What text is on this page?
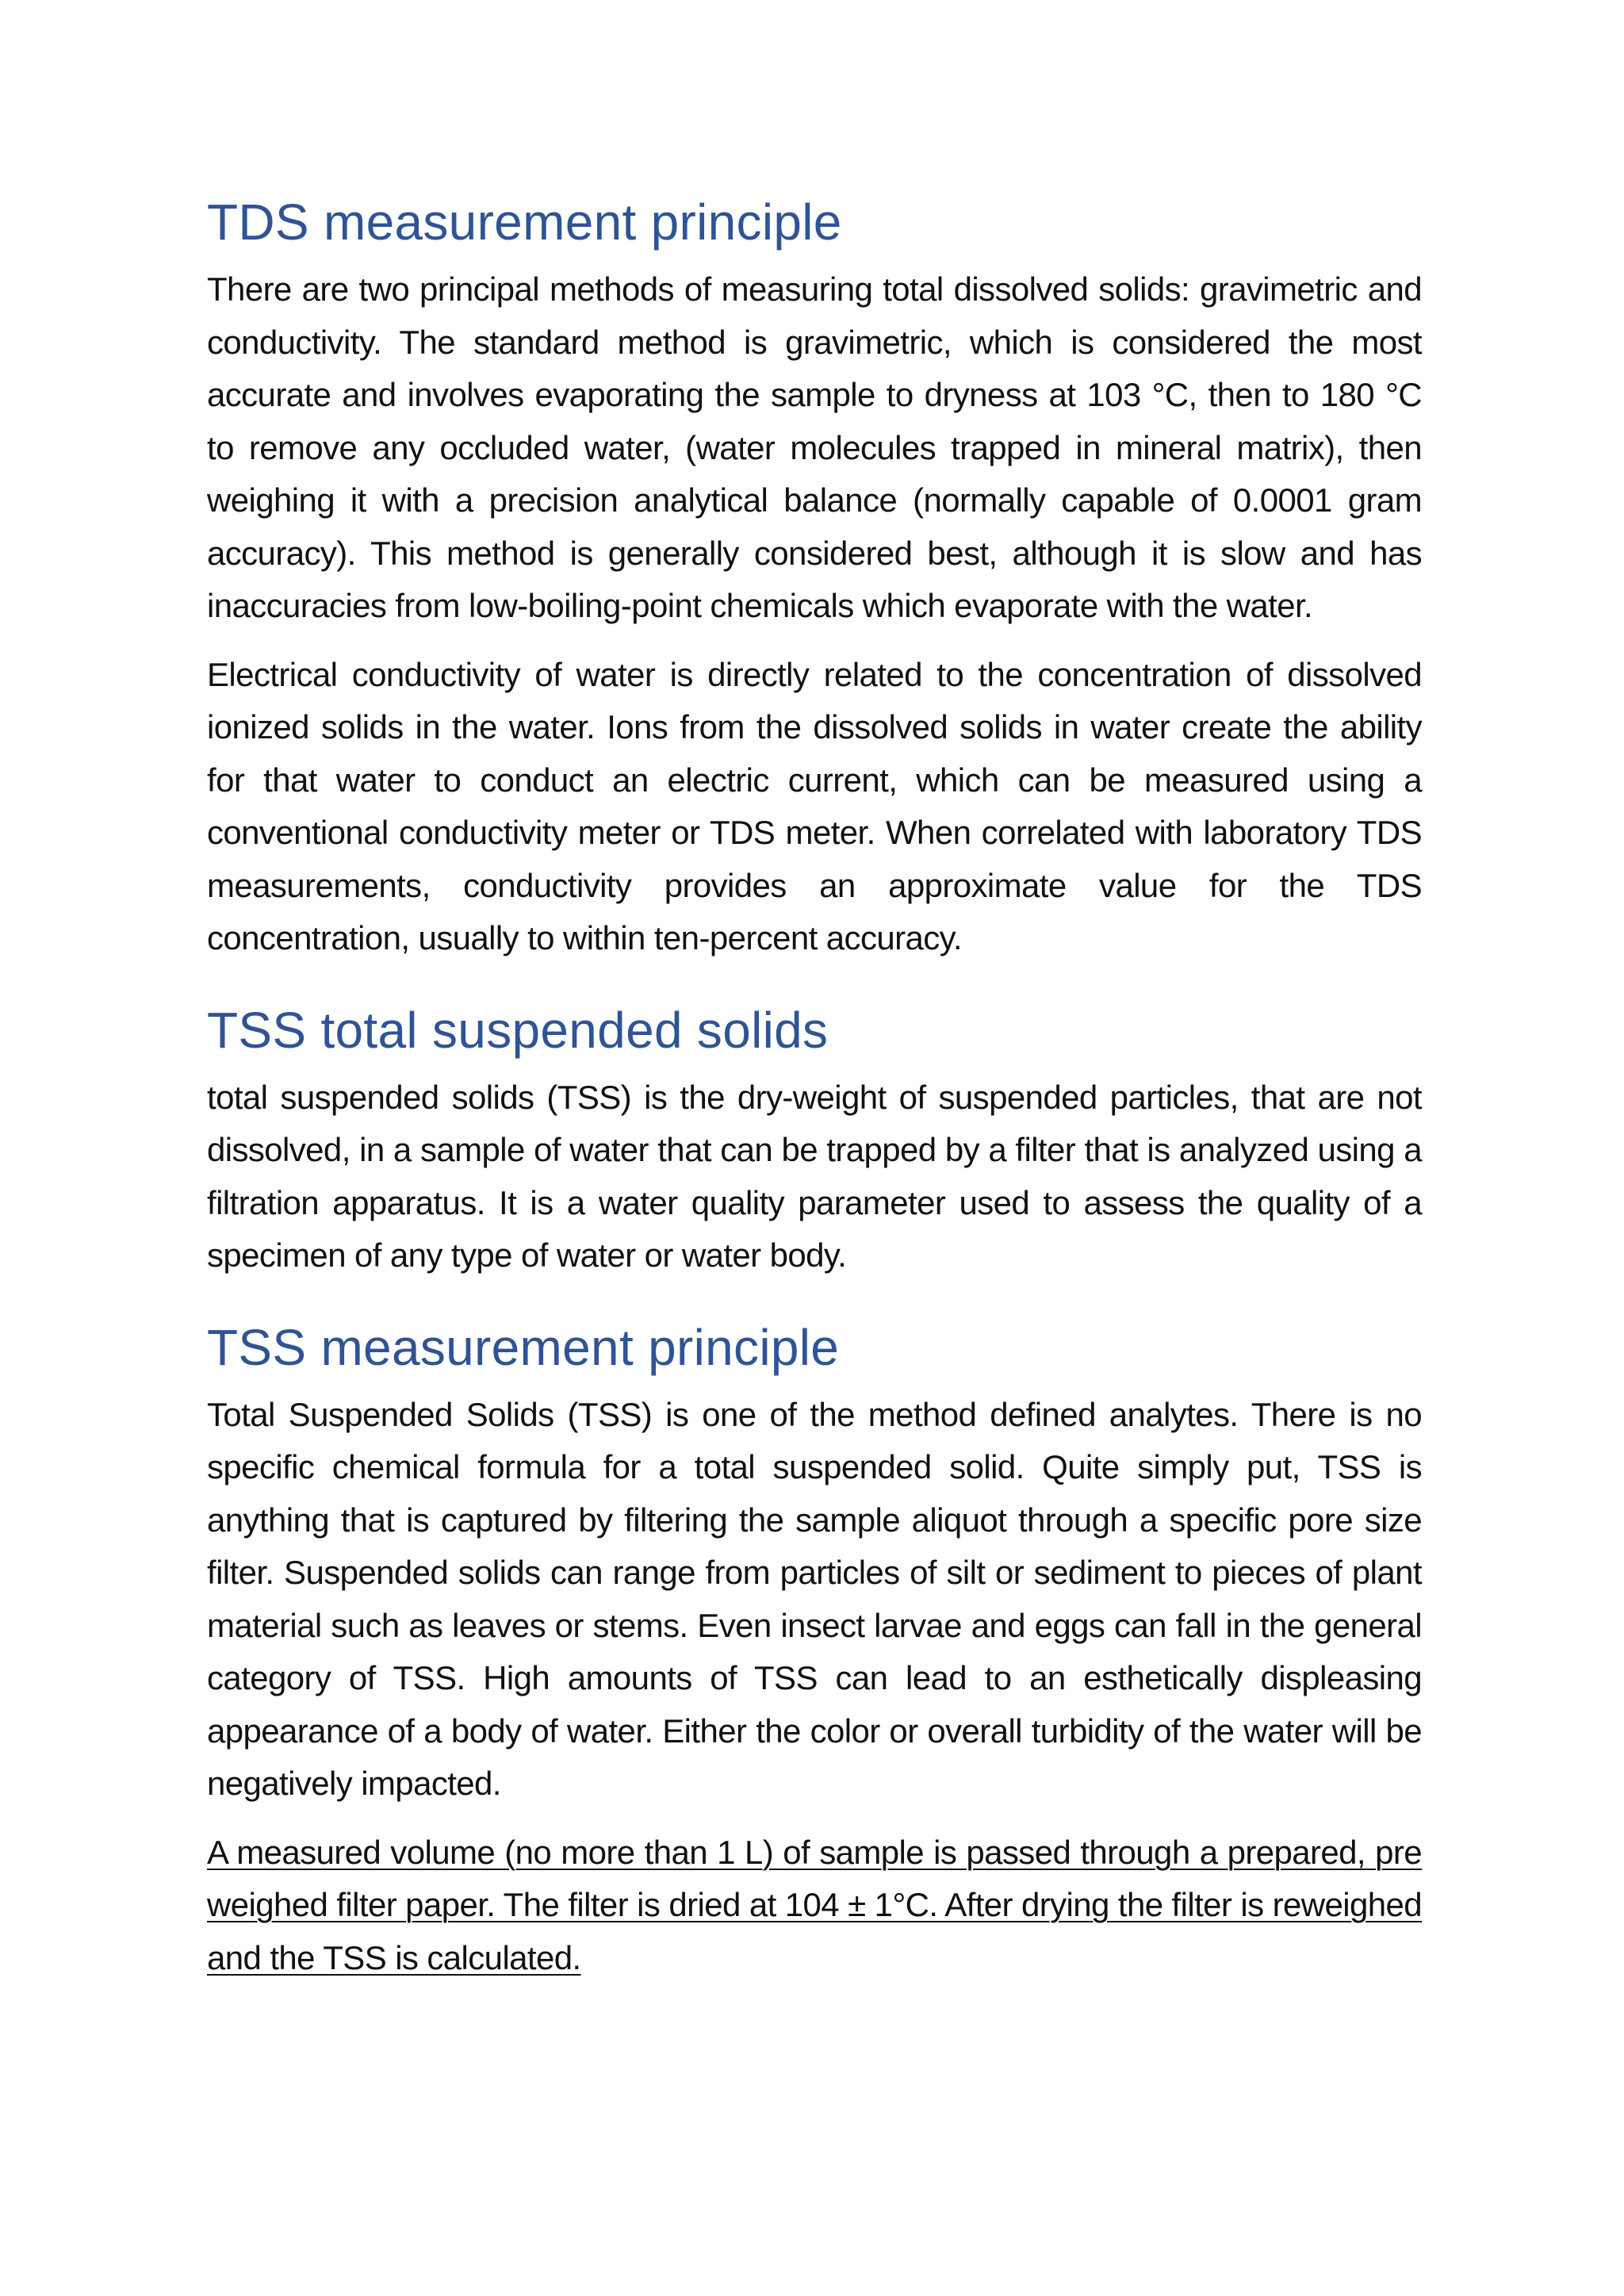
TDS measurement principle

There are two principal methods of measuring total dissolved solids: gravimetric and conductivity. The standard method is gravimetric, which is considered the most accurate and involves evaporating the sample to dryness at 103 °C, then to 180 °C to remove any occluded water, (water molecules trapped in mineral matrix), then weighing it with a precision analytical balance (normally capable of 0.0001 gram accuracy). This method is generally considered best, although it is slow and has inaccuracies from low-boiling-point chemicals which evaporate with the water.

Electrical conductivity of water is directly related to the concentration of dissolved ionized solids in the water. Ions from the dissolved solids in water create the ability for that water to conduct an electric current, which can be measured using a conventional conductivity meter or TDS meter. When correlated with laboratory TDS measurements, conductivity provides an approximate value for the TDS concentration, usually to within ten-percent accuracy.

TSS total suspended solids

total suspended solids (TSS) is the dry-weight of suspended particles, that are not dissolved, in a sample of water that can be trapped by a filter that is analyzed using a filtration apparatus. It is a water quality parameter used to assess the quality of a specimen of any type of water or water body.

TSS measurement principle

Total Suspended Solids (TSS) is one of the method defined analytes. There is no specific chemical formula for a total suspended solid. Quite simply put, TSS is anything that is captured by filtering the sample aliquot through a specific pore size filter. Suspended solids can range from particles of silt or sediment to pieces of plant material such as leaves or stems. Even insect larvae and eggs can fall in the general category of TSS. High amounts of TSS can lead to an esthetically displeasing appearance of a body of water. Either the color or overall turbidity of the water will be negatively impacted.

A measured volume (no more than 1 L) of sample is passed through a prepared, pre weighed filter paper. The filter is dried at 104 ± 1°C. After drying the filter is reweighed and the TSS is calculated.
